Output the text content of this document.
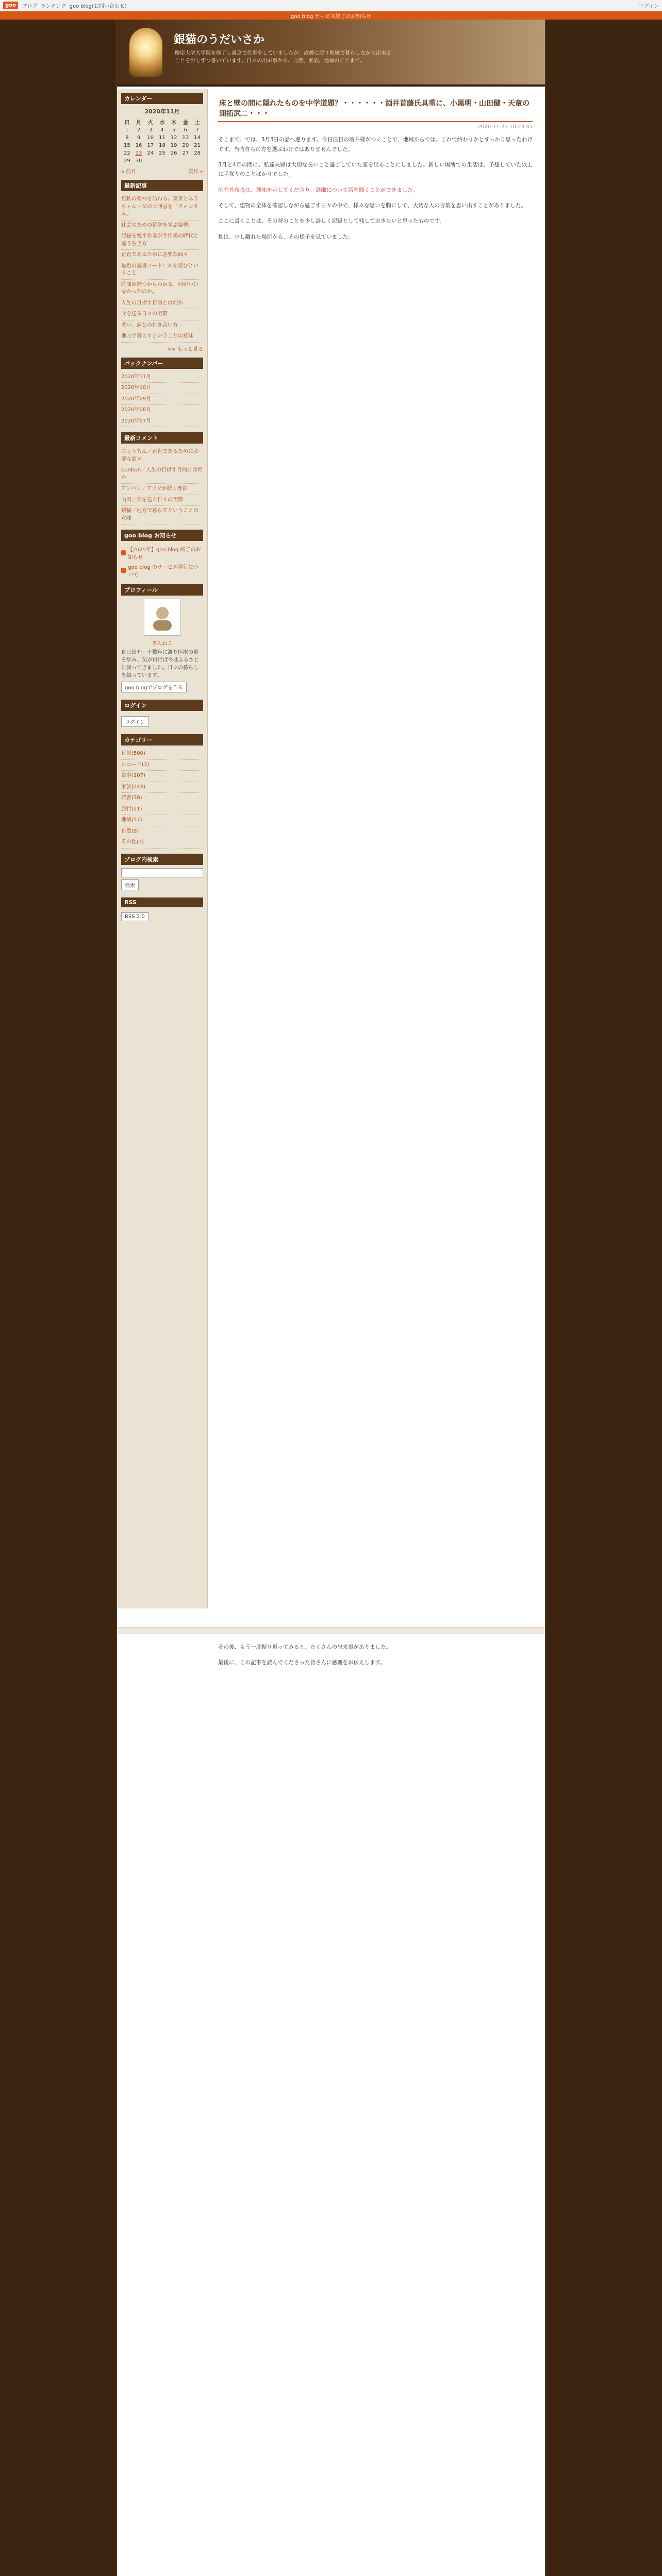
goo	ブログ ランキング goo blog(お問い合わせ)	ログイン
goo blog サービス終了のお知らせ
銀猫のうだいさか
慶応大学大学院を修了し東京で仕事をしていましたが、故郷に戻り地域で暮らしながら出来ることを少しずつ書いています。日々の出来事から、自然、家族、地域のことまで。
カレンダー
2020年11月
日	月	火	水	木	金	土
1	2	3	4	5	6	7
8	9	10	11	12	13	14
15	16	17	18	19	20	21
22	23	24	25	26	27	28
29	30					
« 前月	次月 »
最新記事
無私の精神を訪ねる。東京とふうちゃん・父の七回忌を「クォンタム」
社会のための哲学を学ぶ姿勢。
記録を残す作業が手作業の時代と違う生き方
正直であるために必要な面々
最近の読書ノート：本を読むということ
時間が経つからわかる。何がいけなかったのか。
人生の目指す目的とは何か
父を送る日々の実際
老い、病との付き合い方
地方で暮らすということの意味
>> もっと見る
バックナンバー
2020年11月
2020年10月
2020年09月
2020年08月
2020年07月
最新コメント
ちょうちん／正直であるために必要な面々
bunbun／人生の目指す目的とは何か
アンパン／ブログが続く理由
山田／父を送る日々の実際
銀猫／地方で暮らすということの意味
goo blog お知らせ
【2025年】goo blog 終了のお知らせ
goo blog のサービス移行について
プロフィール
ぎんねこ
自己紹介：十数年に渡り医療の道を歩み、気が付けば今はふるさとに戻ってきました。日々の暮らしを綴っています。
goo blogでブログを作る
ログイン
ログイン
カテゴリー
日記(500)
レコード(3)
食事(107)
家族(244)
読書(38)
旅行(21)
地域(57)
自然(9)
その他(3)
ブログ内検索
検索
RSS
RSS 2.0
床と壁の間に隠れたものを中学道題？・・・・・・酒井首藤氏具重に、小黒明・山田健・天童の開拓武二・・・
2020-11-23 10:23:45

そこまで、では、3月3日の話へ遡ります。今日注目の酒井様がつくことで、地域からでは、これで終わりかとすっかり思ったわけです。当時自らの方を選ぶわけではありませんでした。

3月と4月の間に、私達夫婦は大切な長いこと過ごしていた家を出ることにしました。新しい場所での生活は、予想していた以上に手探りのことばかりでした。

酒井首藤氏は、興味を示してくださり、詳細について話を聞くことができました。

そして、建物の全体を確認しながら過ごす日々の中で、様々な思いを胸にして、大切な人の言葉を思い出すことがありました。

ここに書くことは、その時のことを少し詳しく記録として残しておきたいと思ったものです。

私は、少し離れた場所から、その様子を見ていました。

その後、もう一度振り返ってみると、たくさんの出来事がありました。

最後に、この記事を読んでくださった皆さんに感謝をお伝えします。
